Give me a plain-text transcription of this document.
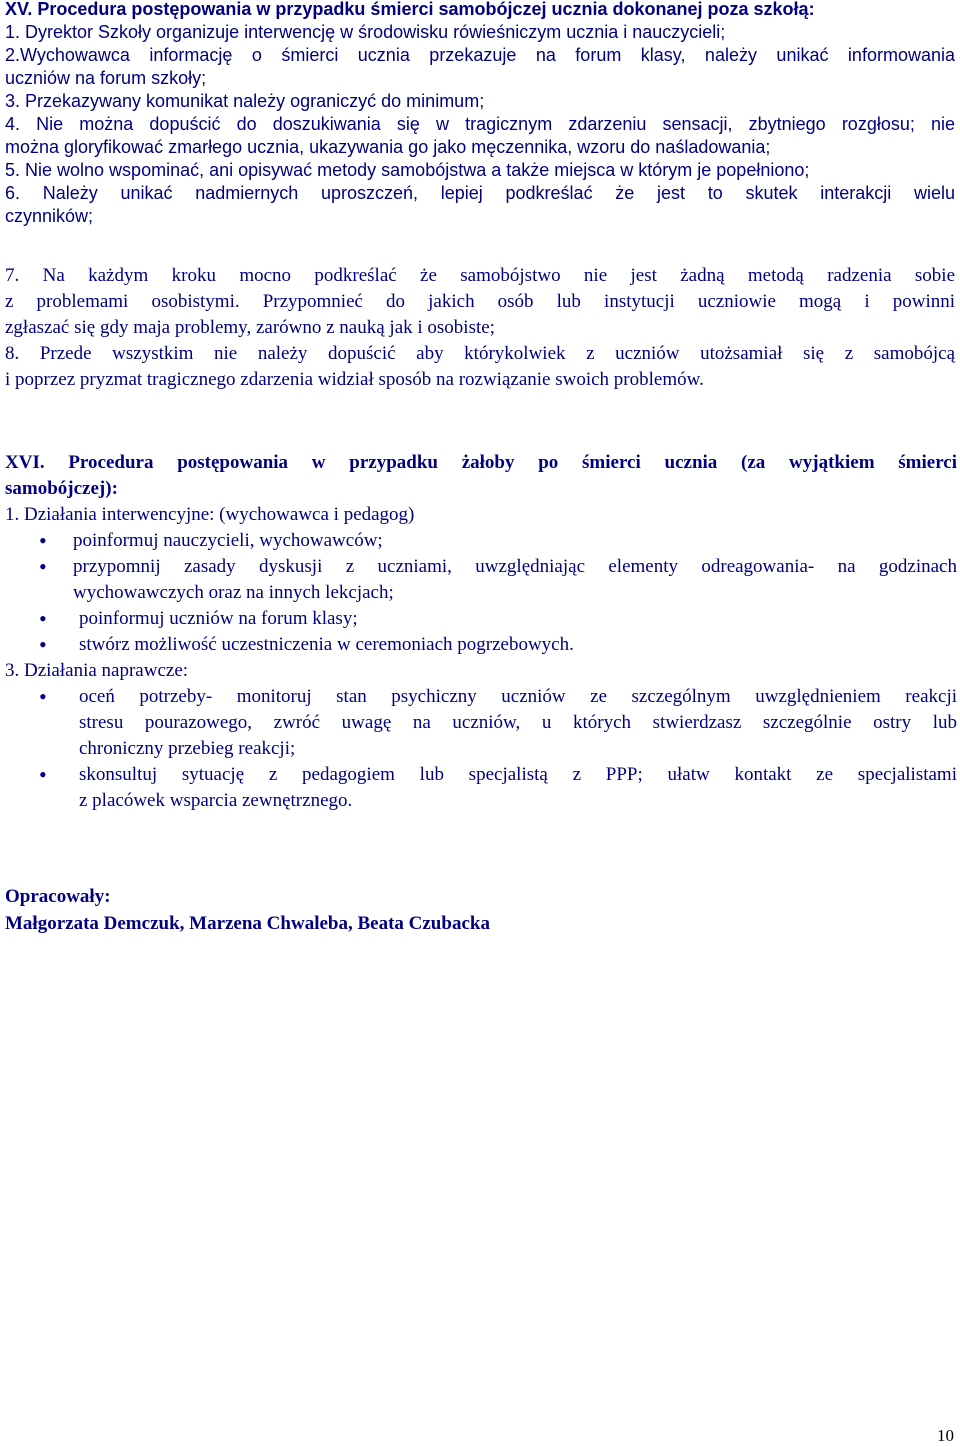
XV. Procedura postępowania w przypadku śmierci samobójczej ucznia dokonanej poza szkołą:
1. Dyrektor Szkoły organizuje interwencję w środowisku rówieśniczym ucznia i nauczycieli;
2.Wychowawca informację o śmierci ucznia przekazuje na forum klasy, należy unikać informowania
uczniów na forum szkoły;
3. Przekazywany komunikat należy ograniczyć do minimum;
4. Nie można dopuścić do doszukiwania się w tragicznym zdarzeniu sensacji, zbytniego rozgłosu; nie
można gloryfikować zmarłego ucznia, ukazywania go jako męczennika, wzoru do naśladowania;
5. Nie wolno wspominać, ani opisywać metody samobójstwa a także miejsca w którym je popełniono;
6. Należy unikać nadmiernych uproszczeń, lepiej podkreślać że jest to skutek interakcji wielu
czynników;
7. Na każdym kroku mocno podkreślać że samobójstwo nie jest żadną metodą radzenia sobie
z problemami osobistymi. Przypomnieć do jakich osób lub instytucji uczniowie mogą i powinni
zgłaszać się gdy maja problemy, zarówno z nauką jak i osobiste;
8. Przede wszystkim nie należy dopuścić aby którykolwiek z uczniów utożsamiał się z samobójcą
i poprzez pryzmat tragicznego zdarzenia widział sposób na rozwiązanie swoich problemów.
XVI. Procedura postępowania w przypadku żałoby po śmierci ucznia (za wyjątkiem śmierci
samobójczej):
1. Działania interwencyjne: (wychowawca i pedagog)
• poinformuj nauczycieli, wychowawców;
• przypomnij zasady dyskusji z uczniami, uwzględniając elementy odreagowania- na godzinach
wychowawczych oraz na innych lekcjach;
• poinformuj uczniów na forum klasy;
• stwórz możliwość uczestniczenia w ceremoniach pogrzebowych.
3. Działania naprawcze:
• oceń potrzeby- monitoruj stan psychiczny uczniów ze szczególnym uwzględnieniem reakcji
stresu pourazowego, zwróć uwagę na uczniów, u których stwierdzasz szczególnie ostry lub
chroniczny przebieg reakcji;
• skonsultuj sytuację z pedagogiem lub specjalistą z PPP; ułatw kontakt ze specjalistami
z placówek wsparcia zewnętrznego.
Opracowały:
Małgorzata Demczuk, Marzena Chwaleba, Beata Czubacka
10
